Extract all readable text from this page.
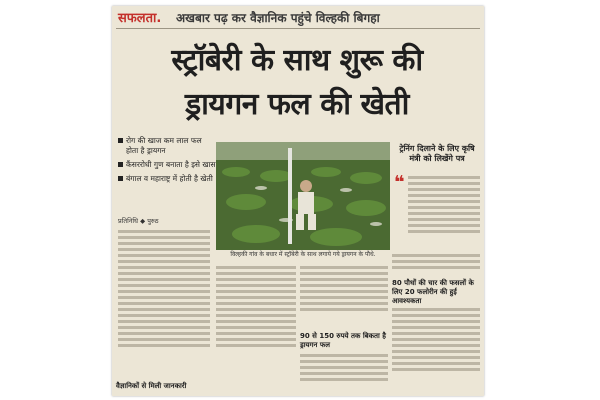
सफलता. अखबार पढ़ कर वैज्ञानिक पहुंचे विल्हकी बिगहा
स्ट्रॉबेरी के साथ शुरू की
ड्रायगन फल की खेती
रोग की खाज कम लाल फल होता है ड्रायगन
कैंसररोधी गुण बनाता है इसे खास
बंगाल व महाराष्ट्र में होती है खेती
प्रतिनिधि ◆ पुरुठ
विल्हकी गांव के बधार में स्ट्रॉबेरी के साथ लगाये गये ड्रायगन के पौधे.
ट्रेनिंग दिलाने के लिए कृषि मंत्री को लिखेंगे पत्र
❝
90 से 150 रुपये तक बिकता है ड्रायगन फल
80 पौधों की चार की फसलों के लिए 20 फलोरीन की हुई आवश्यकता
वैज्ञानिकों से मिली जानकारी
